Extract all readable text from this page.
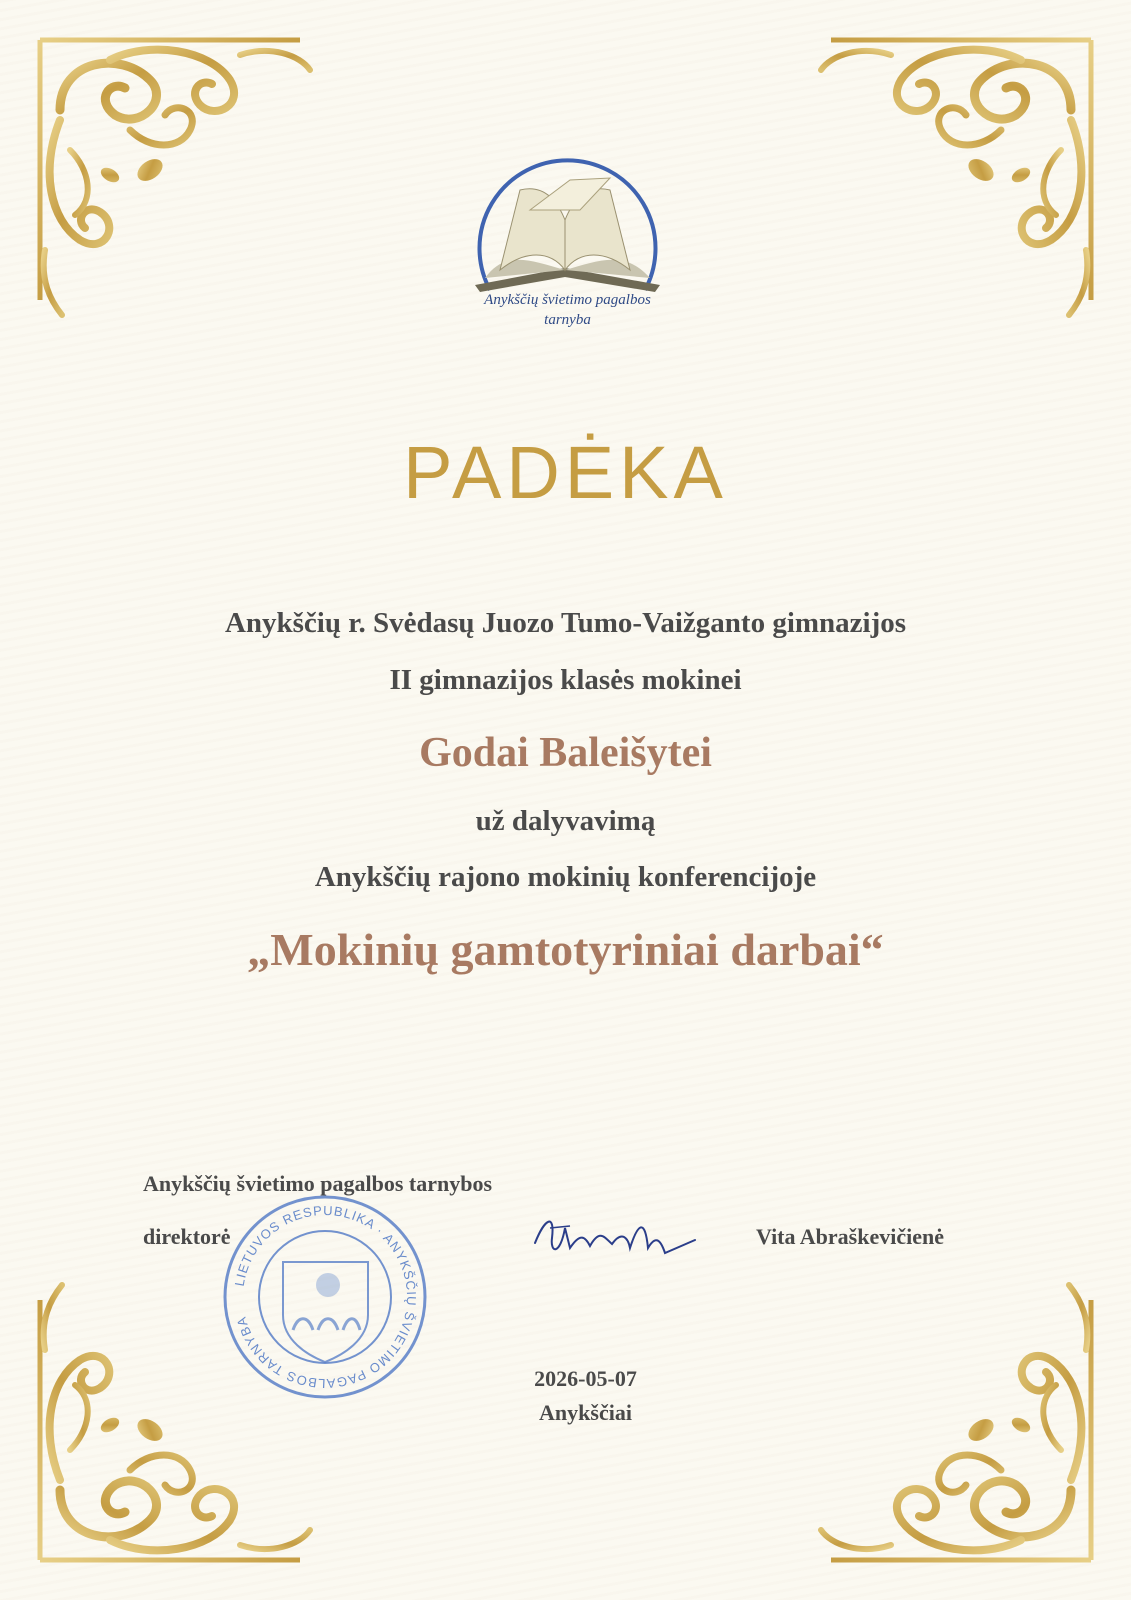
Anykščių švietimo pagalbos
tarnyba
PADĖKA
Anykščių r. Svėdasų Juozo Tumo-Vaižganto gimnazijos
II gimnazijos klasės mokinei
Godai Baleišytei
už dalyvavimą
Anykščių rajono mokinių konferencijoje
„Mokinių gamtotyriniai darbai“
Anykščių švietimo pagalbos tarnybos
direktorė	Vita Abraškevičienė
LIETUVOS RESPUBLIKA · ANYKŠČIŲ ŠVIETIMO PAGALBOS TARNYBA
2026-05-07
Anykščiai
